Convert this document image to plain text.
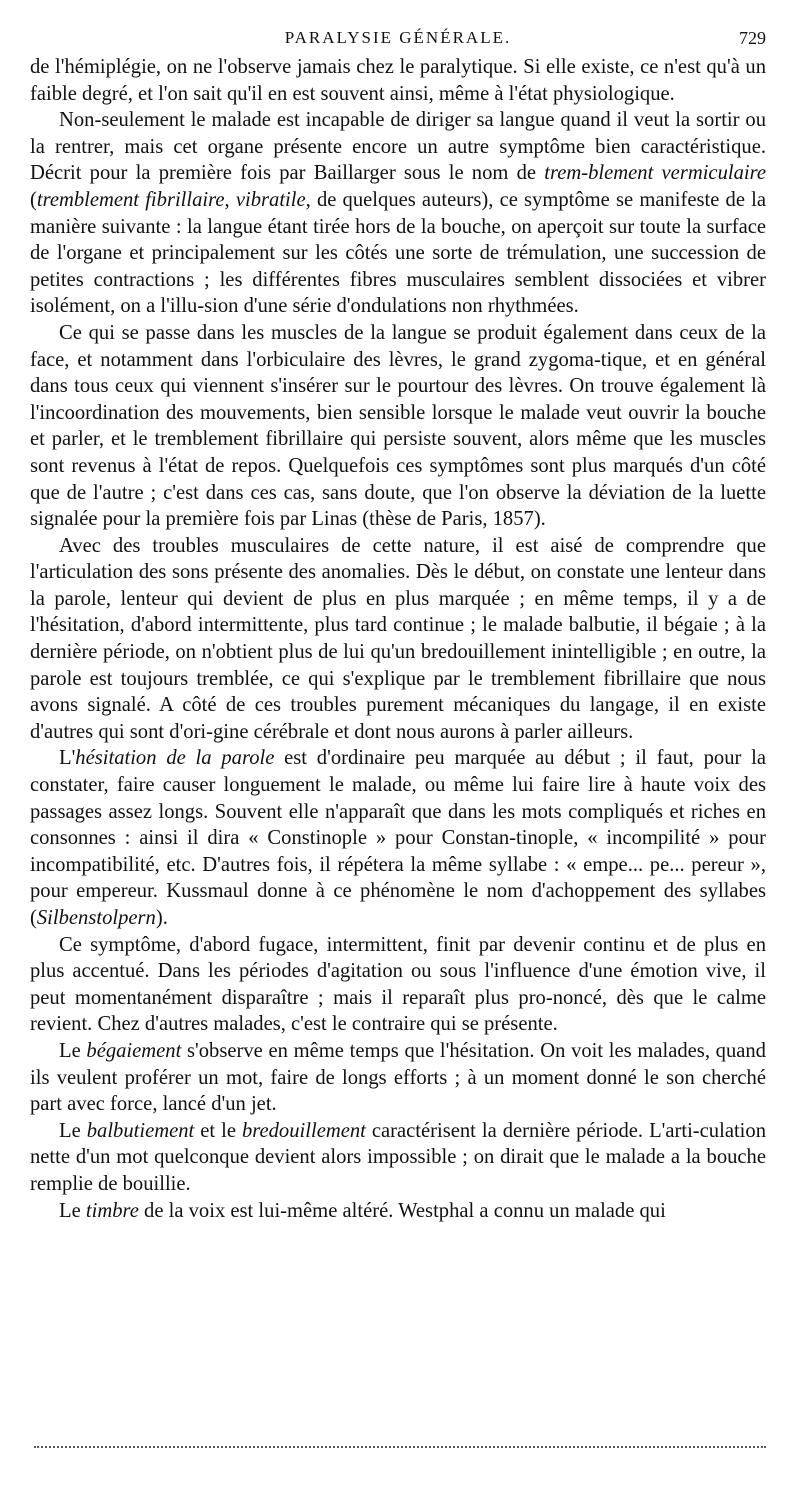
PARALYSIE GÉNÉRALE.	729

de l'hémiplégie, on ne l'observe jamais chez le paralytique. Si elle existe, ce n'est qu'à un faible degré, et l'on sait qu'il en est souvent ainsi, même à l'état physiologique.

Non-seulement le malade est incapable de diriger sa langue quand il veut la sortir ou la rentrer, mais cet organe présente encore un autre symptôme bien caractéristique. Décrit pour la première fois par Baillarger sous le nom de trem-blement vermiculaire (tremblement fibrillaire, vibratile, de quelques auteurs), ce symptôme se manifeste de la manière suivante : la langue étant tirée hors de la bouche, on aperçoit sur toute la surface de l'organe et principalement sur les côtés une sorte de trémulation, une succession de petites contractions ; les différentes fibres musculaires semblent dissociées et vibrer isolément, on a l'illu-sion d'une série d'ondulations non rhythmées.

Ce qui se passe dans les muscles de la langue se produit également dans ceux de la face, et notamment dans l'orbiculaire des lèvres, le grand zygoma-tique, et en général dans tous ceux qui viennent s'insérer sur le pourtour des lèvres. On trouve également là l'incoordination des mouvements, bien sensible lorsque le malade veut ouvrir la bouche et parler, et le tremblement fibrillaire qui persiste souvent, alors même que les muscles sont revenus à l'état de repos. Quelquefois ces symptômes sont plus marqués d'un côté que de l'autre ; c'est dans ces cas, sans doute, que l'on observe la déviation de la luette signalée pour la première fois par Linas (thèse de Paris, 1857).

Avec des troubles musculaires de cette nature, il est aisé de comprendre que l'articulation des sons présente des anomalies. Dès le début, on constate une lenteur dans la parole, lenteur qui devient de plus en plus marquée ; en même temps, il y a de l'hésitation, d'abord intermittente, plus tard continue ; le malade balbutie, il bégaie ; à la dernière période, on n'obtient plus de lui qu'un bredouillement inintelligible ; en outre, la parole est toujours tremblée, ce qui s'explique par le tremblement fibrillaire que nous avons signalé. A côté de ces troubles purement mécaniques du langage, il en existe d'autres qui sont d'ori-gine cérébrale et dont nous aurons à parler ailleurs.

L'hésitation de la parole est d'ordinaire peu marquée au début ; il faut, pour la constater, faire causer longuement le malade, ou même lui faire lire à haute voix des passages assez longs. Souvent elle n'apparaît que dans les mots compliqués et riches en consonnes : ainsi il dira « Constinople » pour Constan-tinople, « incompilité » pour incompatibilité, etc. D'autres fois, il répétera la même syllabe : « empe... pe... pereur », pour empereur. Kussmaul donne à ce phénomène le nom d'achoppement des syllabes (Silbenstolpern).

Ce symptôme, d'abord fugace, intermittent, finit par devenir continu et de plus en plus accentué. Dans les périodes d'agitation ou sous l'influence d'une émotion vive, il peut momentanément disparaître ; mais il reparaît plus pro-noncé, dès que le calme revient. Chez d'autres malades, c'est le contraire qui se présente.

Le bégaiement s'observe en même temps que l'hésitation. On voit les malades, quand ils veulent proférer un mot, faire de longs efforts ; à un moment donné le son cherché part avec force, lancé d'un jet.

Le balbutiement et le bredouillement caractérisent la dernière période. L'arti-culation nette d'un mot quelconque devient alors impossible ; on dirait que le malade a la bouche remplie de bouillie.

Le timbre de la voix est lui-même altéré. Westphal a connu un malade qui
